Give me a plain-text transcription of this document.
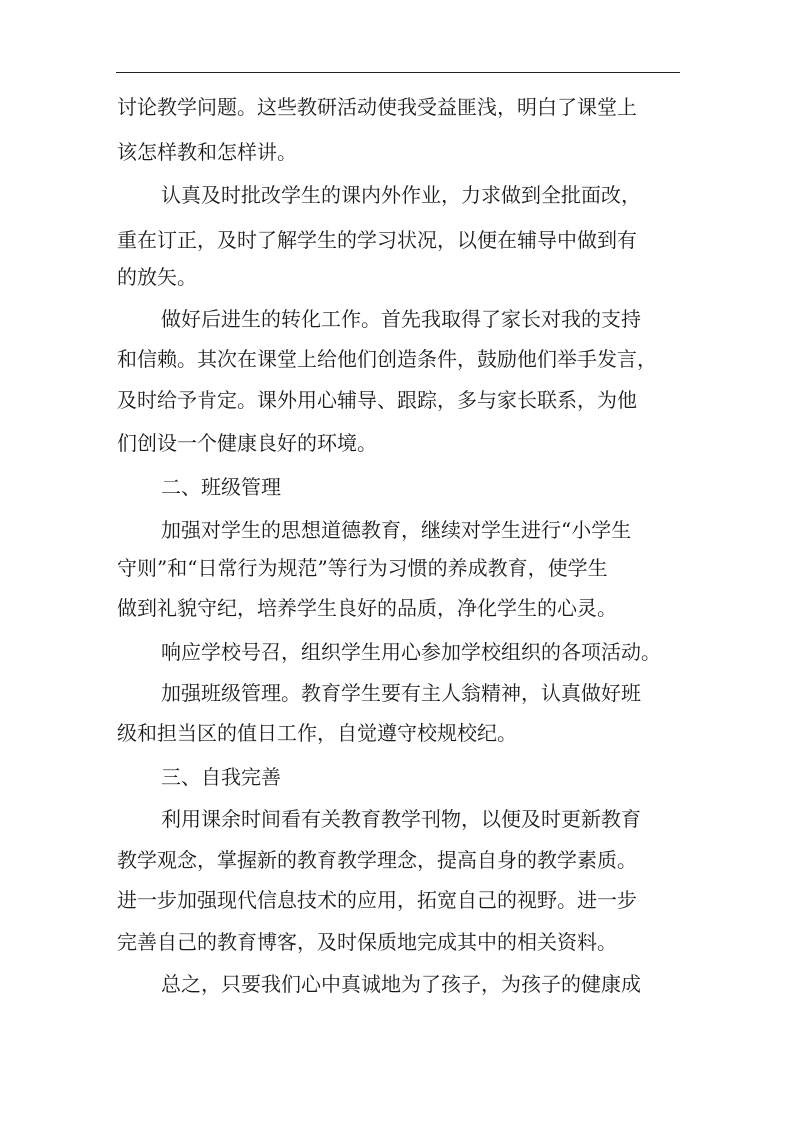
讨论教学问题。这些教研活动使我受益匪浅，明白了课堂上
该怎样教和怎样讲。
认真及时批改学生的课内外作业，力求做到全批面改，
重在订正，及时了解学生的学习状况，以便在辅导中做到有
的放矢。
做好后进生的转化工作。首先我取得了家长对我的支持
和信赖。其次在课堂上给他们创造条件，鼓励他们举手发言，
及时给予肯定。课外用心辅导、跟踪，多与家长联系，为他
们创设一个健康良好的环境。
二、班级管理
加强对学生的思想道德教育，继续对学生进行“小学生
守则”和“日常行为规范”等行为习惯的养成教育，使学生
做到礼貌守纪，培养学生良好的品质，净化学生的心灵。
响应学校号召，组织学生用心参加学校组织的各项活动。
加强班级管理。教育学生要有主人翁精神，认真做好班
级和担当区的值日工作，自觉遵守校规校纪。
三、自我完善
利用课余时间看有关教育教学刊物，以便及时更新教育
教学观念，掌握新的教育教学理念，提高自身的教学素质。
进一步加强现代信息技术的应用，拓宽自己的视野。进一步
完善自己的教育博客，及时保质地完成其中的相关资料。
总之，只要我们心中真诚地为了孩子，为孩子的健康成
